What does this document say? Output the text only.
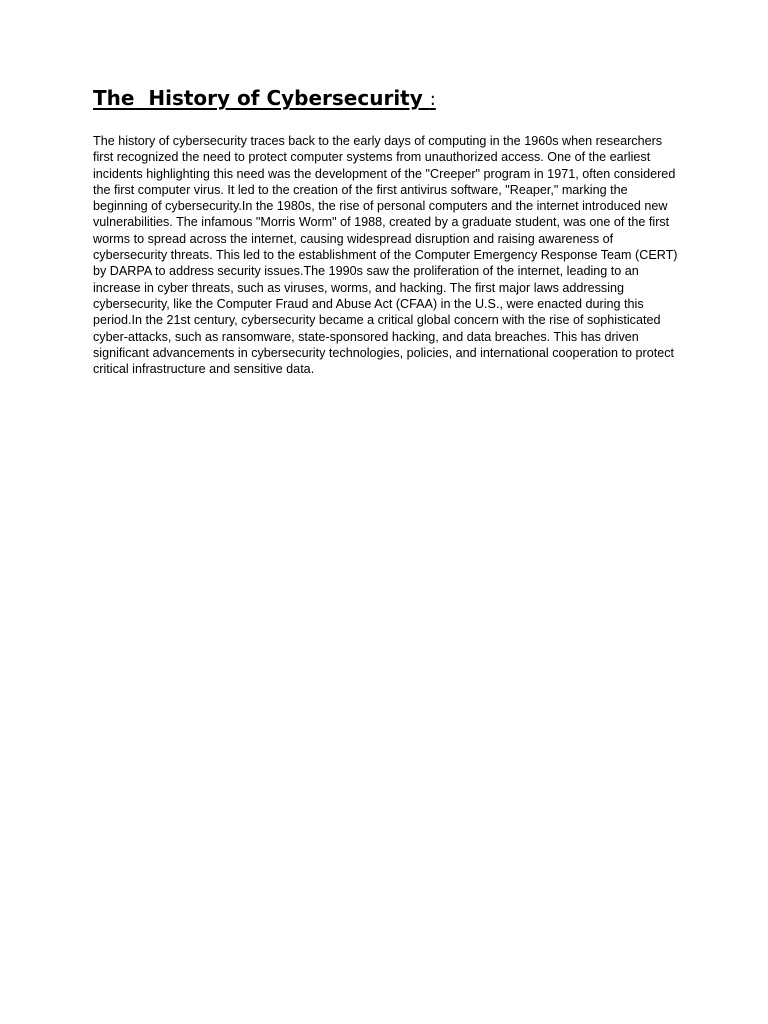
The  History of Cybersecurity :

The history of cybersecurity traces back to the early days of computing in the 1960s when researchers first recognized the need to protect computer systems from unauthorized access. One of the earliest incidents highlighting this need was the development of the "Creeper" program in 1971, often considered the first computer virus. It led to the creation of the first antivirus software, "Reaper," marking the beginning of cybersecurity.In the 1980s, the rise of personal computers and the internet introduced new vulnerabilities. The infamous "Morris Worm" of 1988, created by a graduate student, was one of the first worms to spread across the internet, causing widespread disruption and raising awareness of cybersecurity threats. This led to the establishment of the Computer Emergency Response Team (CERT) by DARPA to address security issues.The 1990s saw the proliferation of the internet, leading to an increase in cyber threats, such as viruses, worms, and hacking. The first major laws addressing cybersecurity, like the Computer Fraud and Abuse Act (CFAA) in the U.S., were enacted during this period.In the 21st century, cybersecurity became a critical global concern with the rise of sophisticated cyber-attacks, such as ransomware, state-sponsored hacking, and data breaches. This has driven significant advancements in cybersecurity technologies, policies, and international cooperation to protect critical infrastructure and sensitive data.
